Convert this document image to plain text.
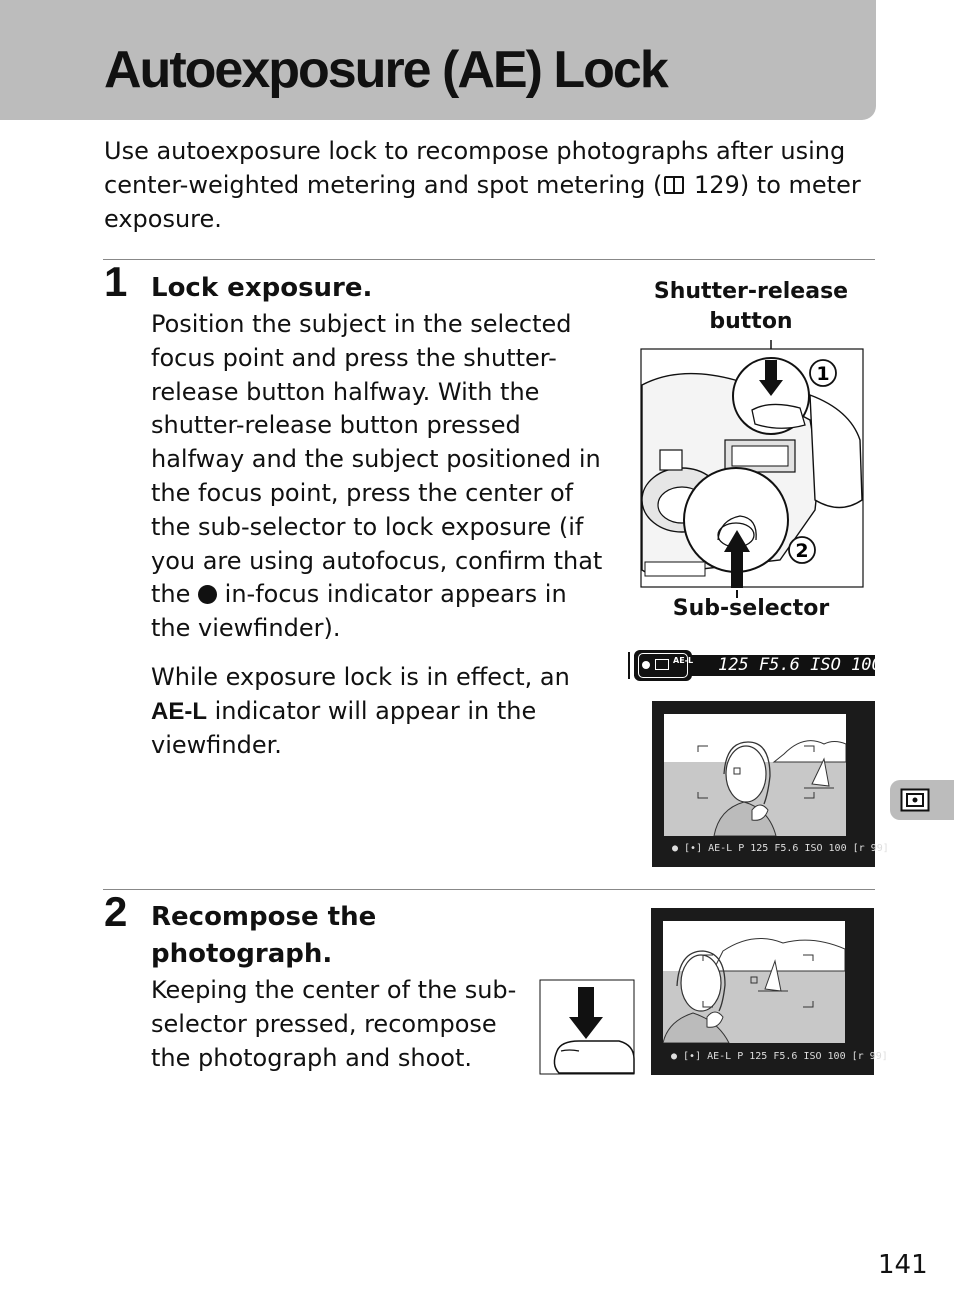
Autoexposure (AE) Lock

Use autoexposure lock to recompose photographs after using center-weighted metering and spot metering ( 129) to meter exposure.

1 Lock exposure.

Position the subject in the selected focus point and press the shutter-release button halfway. With the shutter-release button pressed halfway and the subject positioned in the focus point, press the center of the sub-selector to lock exposure (if you are using autofocus, confirm that the in-focus indicator appears in the viewfinder).

While exposure lock is in effect, an AE-L indicator will appear in the viewfinder.

Shutter-release button
1
2
Sub-selector
AE-L 125 F5.6 ISO 100
● [•] AE-L P 125 F5.6 ISO 100 [r 99]
2 Recompose the
photograph.

Keeping the center of the sub-selector pressed, recompose the photograph and shoot.	● [•] AE-L P 125 F5.6 ISO 100 [r 99]
141
